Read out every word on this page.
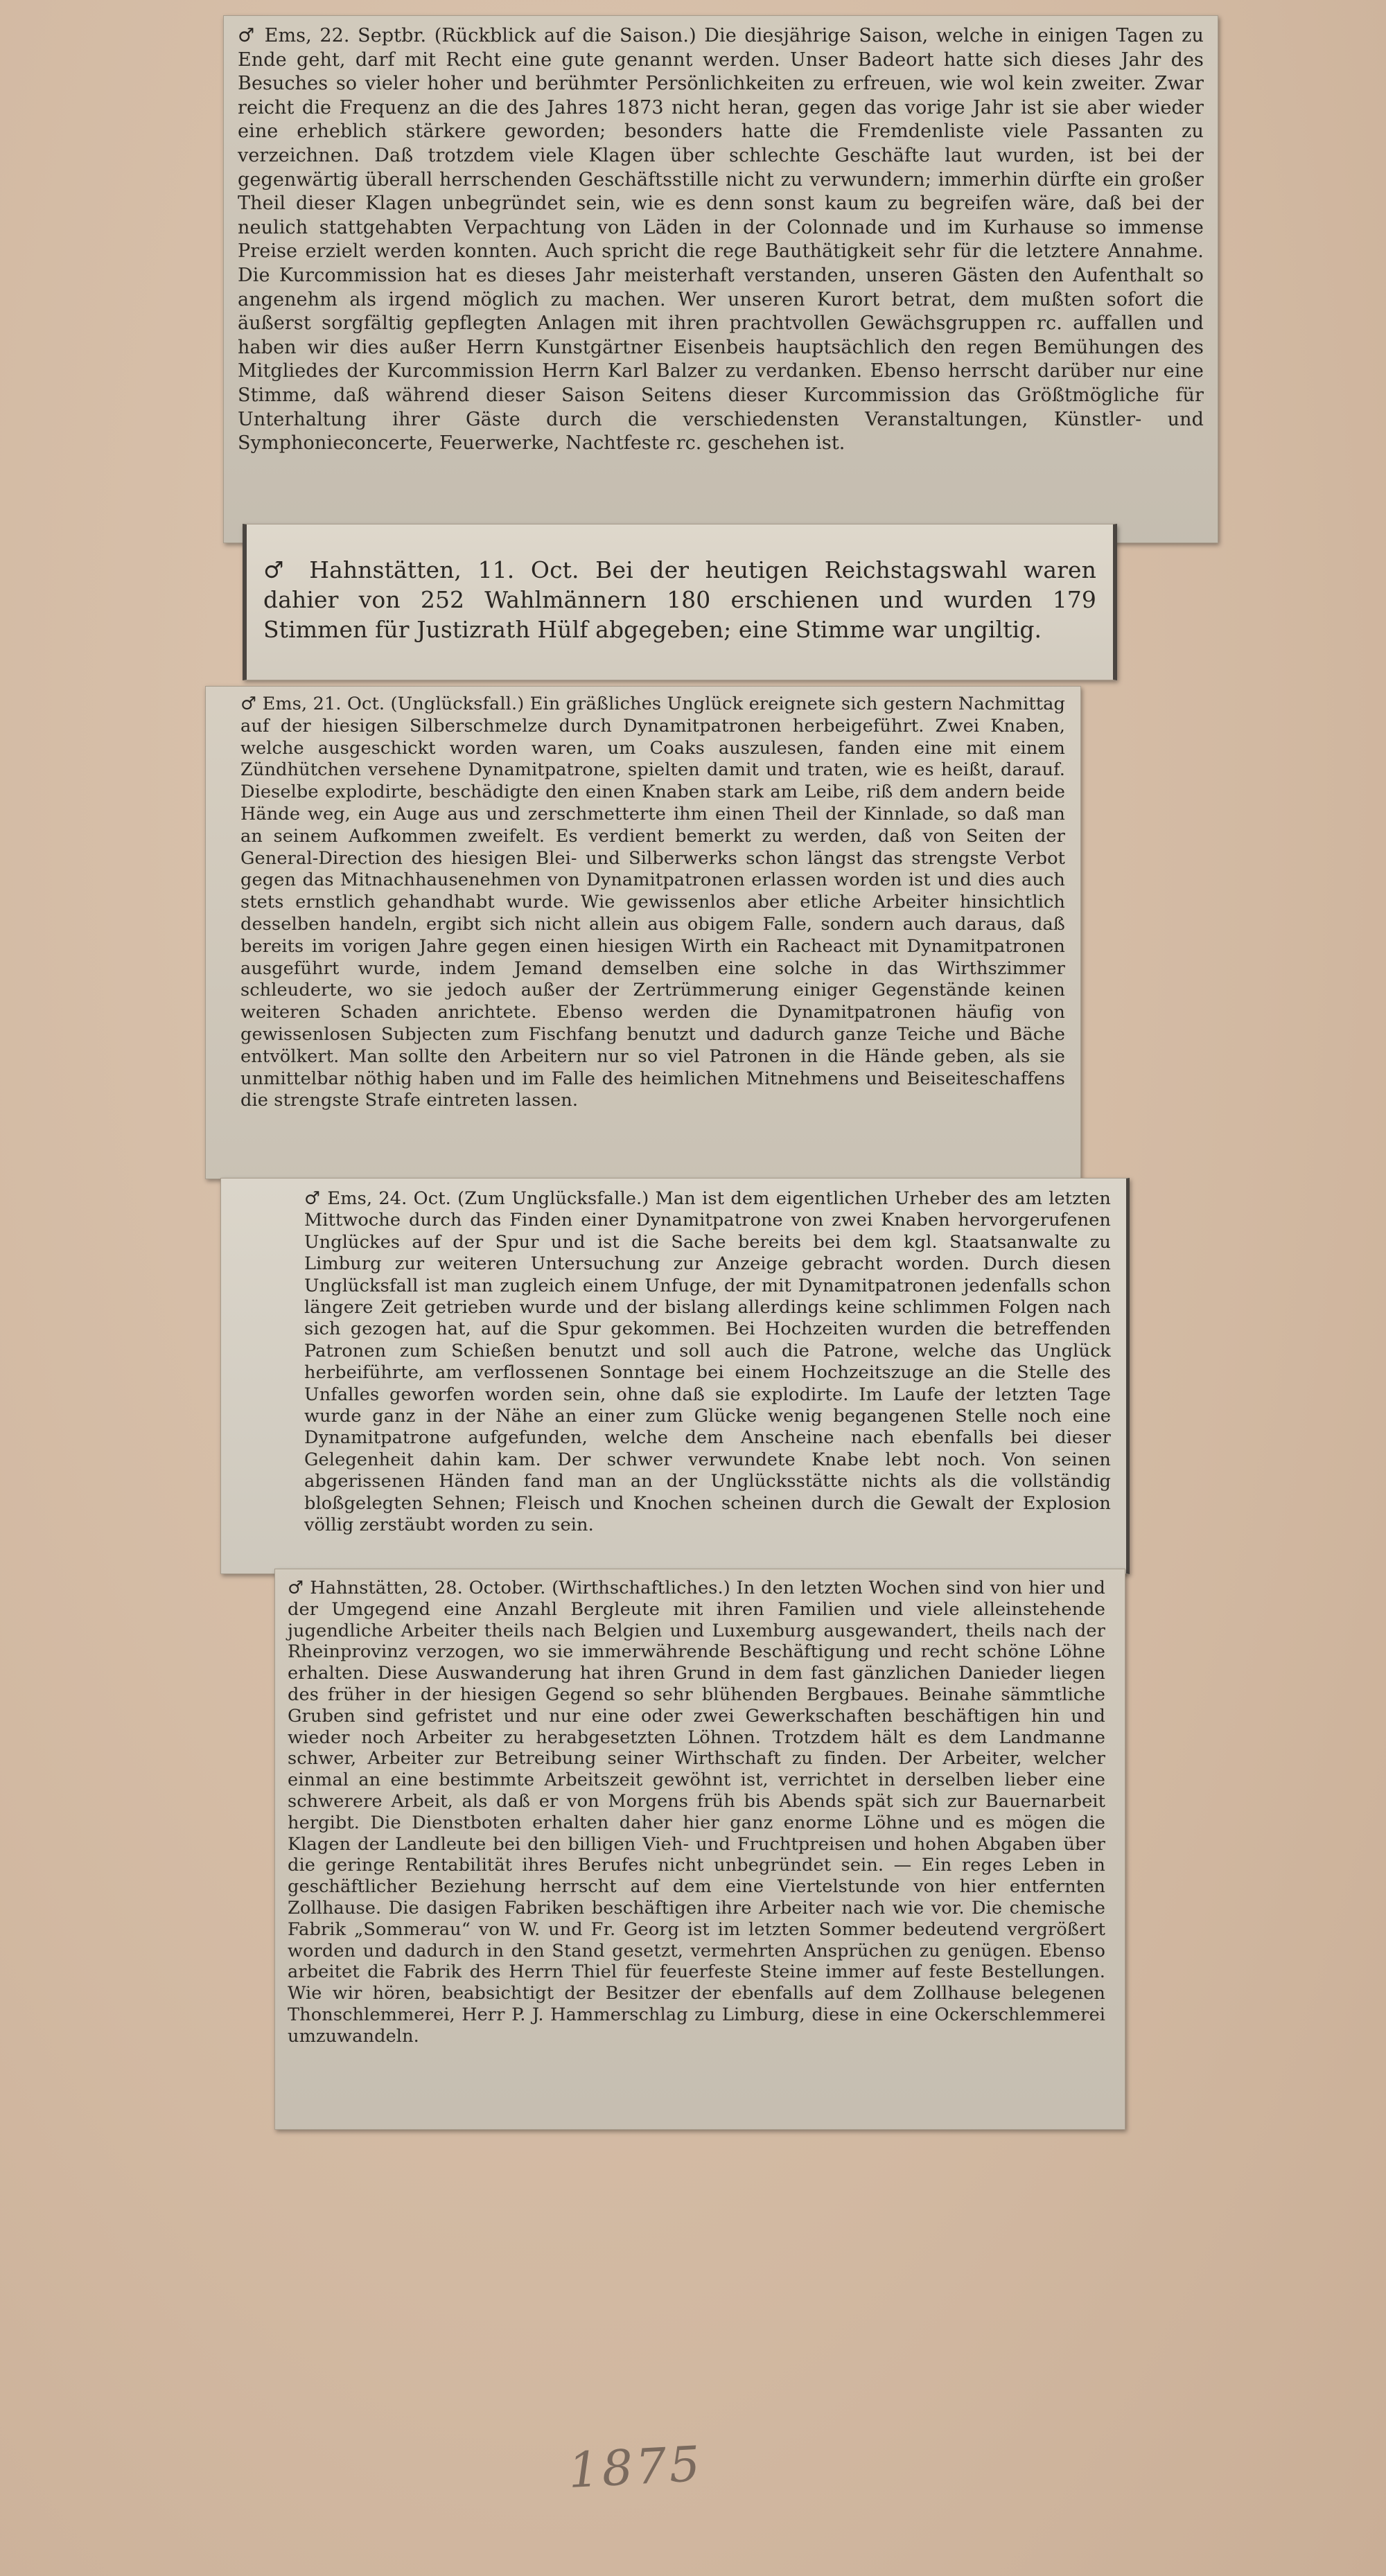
♂ Ems, 22. Septbr. (Rückblick auf die Saison.) Die diesjährige Saison, welche in einigen Tagen zu Ende geht, darf mit Recht eine gute genannt werden. Unser Badeort hatte sich dieses Jahr des Besuches so vieler hoher und berühmter Persönlichkeiten zu erfreuen, wie wol kein zweiter. Zwar reicht die Frequenz an die des Jahres 1873 nicht heran, gegen das vorige Jahr ist sie aber wieder eine erheblich stärkere geworden; besonders hatte die Fremdenliste viele Passanten zu verzeichnen. Daß trotzdem viele Klagen über schlechte Geschäfte laut wurden, ist bei der gegenwärtig überall herrschenden Geschäftsstille nicht zu verwundern; immerhin dürfte ein großer Theil dieser Klagen unbegründet sein, wie es denn sonst kaum zu begreifen wäre, daß bei der neulich stattgehabten Verpachtung von Läden in der Colonnade und im Kurhause so immense Preise erzielt werden konnten. Auch spricht die rege Bauthätigkeit sehr für die letztere Annahme. Die Kurcommission hat es dieses Jahr meisterhaft verstanden, unseren Gästen den Aufenthalt so angenehm als irgend möglich zu machen. Wer unseren Kurort betrat, dem mußten sofort die äußerst sorgfältig gepflegten Anlagen mit ihren prachtvollen Gewächsgruppen rc. auffallen und haben wir dies außer Herrn Kunstgärtner Eisenbeis hauptsächlich den regen Bemühungen des Mitgliedes der Kurcommission Herrn Karl Balzer zu verdanken. Ebenso herrscht darüber nur eine Stimme, daß während dieser Saison Seitens dieser Kurcommission das Größtmögliche für Unterhaltung ihrer Gäste durch die verschiedensten Veranstaltungen, Künstler- und Symphonieconcerte, Feuerwerke, Nachtfeste rc. geschehen ist.

♂ Hahnstätten, 11. Oct. Bei der heutigen Reichstagswahl waren dahier von 252 Wahlmännern 180 erschienen und wurden 179 Stimmen für Justizrath Hülf abgegeben; eine Stimme war ungiltig.

♂ Ems, 21. Oct. (Unglücksfall.) Ein gräßliches Unglück ereignete sich gestern Nachmittag auf der hiesigen Silberschmelze durch Dynamitpatronen herbeigeführt. Zwei Knaben, welche ausgeschickt worden waren, um Coaks auszulesen, fanden eine mit einem Zündhütchen versehene Dynamitpatrone, spielten damit und traten, wie es heißt, darauf. Dieselbe explodirte, beschädigte den einen Knaben stark am Leibe, riß dem andern beide Hände weg, ein Auge aus und zerschmetterte ihm einen Theil der Kinnlade, so daß man an seinem Aufkommen zweifelt. Es verdient bemerkt zu werden, daß von Seiten der General-Direction des hiesigen Blei- und Silberwerks schon längst das strengste Verbot gegen das Mitnachhausenehmen von Dynamitpatronen erlassen worden ist und dies auch stets ernstlich gehandhabt wurde. Wie gewissenlos aber etliche Arbeiter hinsichtlich desselben handeln, ergibt sich nicht allein aus obigem Falle, sondern auch daraus, daß bereits im vorigen Jahre gegen einen hiesigen Wirth ein Racheact mit Dynamitpatronen ausgeführt wurde, indem Jemand demselben eine solche in das Wirthszimmer schleuderte, wo sie jedoch außer der Zertrümmerung einiger Gegenstände keinen weiteren Schaden anrichtete. Ebenso werden die Dynamitpatronen häufig von gewissenlosen Subjecten zum Fischfang benutzt und dadurch ganze Teiche und Bäche entvölkert. Man sollte den Arbeitern nur so viel Patronen in die Hände geben, als sie unmittelbar nöthig haben und im Falle des heimlichen Mitnehmens und Beiseiteschaffens die strengste Strafe eintreten lassen.

♂ Ems, 24. Oct. (Zum Unglücksfalle.) Man ist dem eigentlichen Urheber des am letzten Mittwoche durch das Finden einer Dynamitpatrone von zwei Knaben hervorgerufenen Unglückes auf der Spur und ist die Sache bereits bei dem kgl. Staatsanwalte zu Limburg zur weiteren Untersuchung zur Anzeige gebracht worden. Durch diesen Unglücksfall ist man zugleich einem Unfuge, der mit Dynamitpatronen jedenfalls schon längere Zeit getrieben wurde und der bislang allerdings keine schlimmen Folgen nach sich gezogen hat, auf die Spur gekommen. Bei Hochzeiten wurden die betreffenden Patronen zum Schießen benutzt und soll auch die Patrone, welche das Unglück herbeiführte, am verflossenen Sonntage bei einem Hochzeitszuge an die Stelle des Unfalles geworfen worden sein, ohne daß sie explodirte. Im Laufe der letzten Tage wurde ganz in der Nähe an einer zum Glücke wenig begangenen Stelle noch eine Dynamitpatrone aufgefunden, welche dem Anscheine nach ebenfalls bei dieser Gelegenheit dahin kam. Der schwer verwundete Knabe lebt noch. Von seinen abgerissenen Händen fand man an der Unglücksstätte nichts als die vollständig bloßgelegten Sehnen; Fleisch und Knochen scheinen durch die Gewalt der Explosion völlig zerstäubt worden zu sein.

♂ Hahnstätten, 28. October. (Wirthschaftliches.) In den letzten Wochen sind von hier und der Umgegend eine Anzahl Bergleute mit ihren Familien und viele alleinstehende jugendliche Arbeiter theils nach Belgien und Luxemburg ausgewandert, theils nach der Rheinprovinz verzogen, wo sie immerwährende Beschäftigung und recht schöne Löhne erhalten. Diese Auswanderung hat ihren Grund in dem fast gänzlichen Danieder liegen des früher in der hiesigen Gegend so sehr blühenden Bergbaues. Beinahe sämmtliche Gruben sind gefristet und nur eine oder zwei Gewerkschaften beschäftigen hin und wieder noch Arbeiter zu herabgesetzten Löhnen. Trotzdem hält es dem Landmanne schwer, Arbeiter zur Betreibung seiner Wirthschaft zu finden. Der Arbeiter, welcher einmal an eine bestimmte Arbeitszeit gewöhnt ist, verrichtet in derselben lieber eine schwerere Arbeit, als daß er von Morgens früh bis Abends spät sich zur Bauernarbeit hergibt. Die Dienstboten erhalten daher hier ganz enorme Löhne und es mögen die Klagen der Landleute bei den billigen Vieh- und Fruchtpreisen und hohen Abgaben über die geringe Rentabilität ihres Berufes nicht unbegründet sein. — Ein reges Leben in geschäftlicher Beziehung herrscht auf dem eine Viertelstunde von hier entfernten Zollhause. Die dasigen Fabriken beschäftigen ihre Arbeiter nach wie vor. Die chemische Fabrik „Sommerau“ von W. und Fr. Georg ist im letzten Sommer bedeutend vergrößert worden und dadurch in den Stand gesetzt, vermehrten Ansprüchen zu genügen. Ebenso arbeitet die Fabrik des Herrn Thiel für feuerfeste Steine immer auf feste Bestellungen. Wie wir hören, beabsichtigt der Besitzer der ebenfalls auf dem Zollhause belegenen Thonschlemmerei, Herr P. J. Hammerschlag zu Limburg, diese in eine Ockerschlemmerei umzuwandeln.

1875
